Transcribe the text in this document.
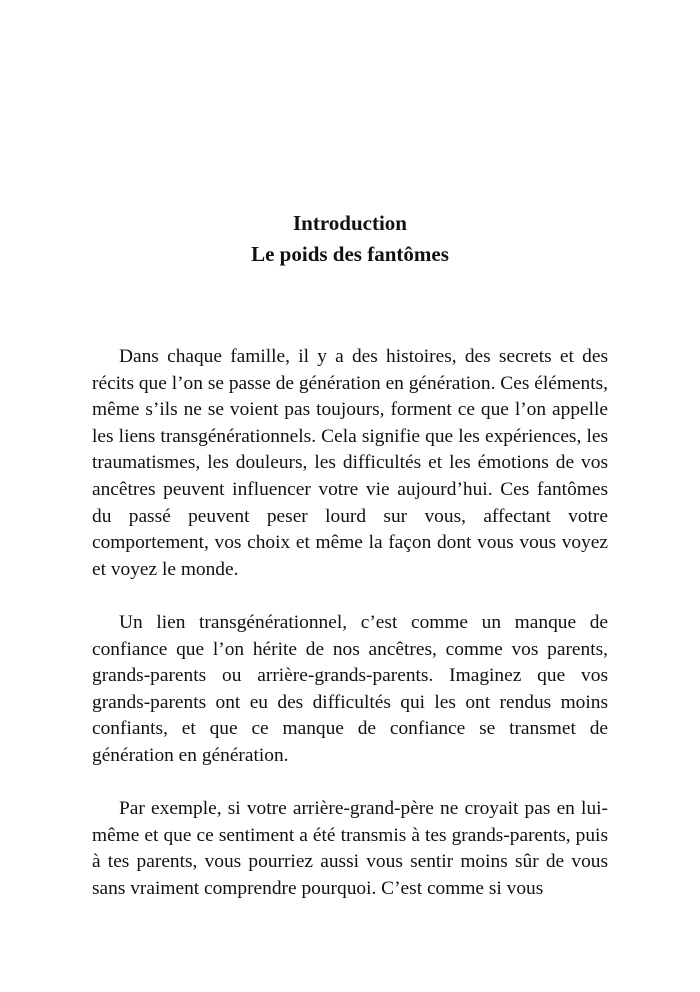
Introduction
Le poids des fantômes

Dans chaque famille, il y a des histoires, des secrets et des récits que l’on se passe de génération en génération. Ces éléments, même s’ils ne se voient pas toujours, forment ce que l’on appelle les liens transgénérationnels. Cela signifie que les expériences, les traumatismes, les douleurs, les difficultés et les émotions de vos ancêtres peuvent influencer votre vie aujourd’hui. Ces fantômes du passé peuvent peser lourd sur vous, affectant votre comportement, vos choix et même la façon dont vous vous voyez et voyez le monde.

Un lien transgénérationnel, c’est comme un manque de confiance que l’on hérite de nos ancêtres, comme vos parents, grands-parents ou arrière-grands-parents. Imaginez que vos grands-parents ont eu des difficultés qui les ont rendus moins confiants, et que ce manque de confiance se transmet de génération en génération.

Par exemple, si votre arrière-grand-père ne croyait pas en lui-même et que ce sentiment a été transmis à tes grands-parents, puis à tes parents, vous pourriez aussi vous sentir moins sûr de vous sans vraiment comprendre pourquoi. C’est comme si vous
